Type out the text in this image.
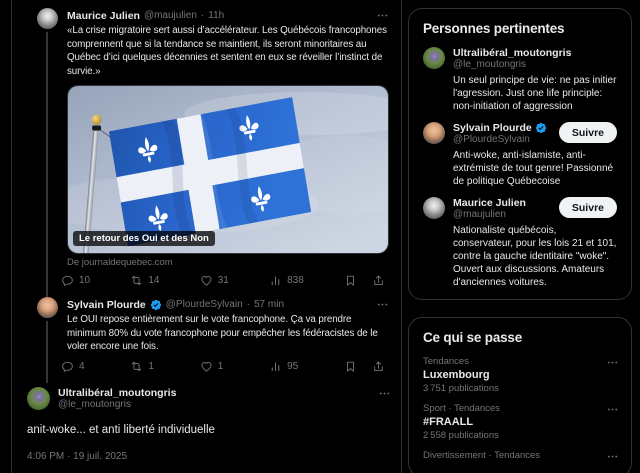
Maurice Julien @maujulien · 11h
«La crise migratoire sert aussi d’accélérateur. Les Québécois francophones comprennent que si la tendance se maintient, ils seront minoritaires au Québec d’ici quelques décennies et sentent en eux se réveiller l’instinct de survie.»
Le retour des Oui et des Non
De journaldequebec.com
10	14	31	838
Sylvain Plourde @PlourdeSylvain · 57 min
Le OUI repose entièrement sur le vote francophone. Ça va prendre minimum 80% du vote francophone pour empêcher les fédéracistes de le voler encore une fois.
4	1	1	95
Ultralibéral_moutongris
@le_moutongris
anit-woke... et anti liberté individuelle
4:06 PM · 19 juil. 2025
Personnes pertinentes
Ultralibéral_moutongris
@le_moutongris
Un seul principe de vie: ne pas initier l'agression. Just one life principle: non-initiation of aggression
Sylvain Plourde
@PlourdeSylvain
Suivre
Anti-woke, anti-islamiste, anti-extrémiste de tout genre! Passionné de politique Québecoise
Maurice Julien
@maujulien
Suivre
Nationaliste québécois, conservateur, pour les lois 21 et 101, contre la gauche identitaire "woke". Ouvert aux discussions. Amateurs d'anciennes voitures.
Ce qui se passe
Tendances
Luxembourg
3 751 publications
Sport · Tendances
#FRAALL
2 558 publications
Divertissement · Tendances
